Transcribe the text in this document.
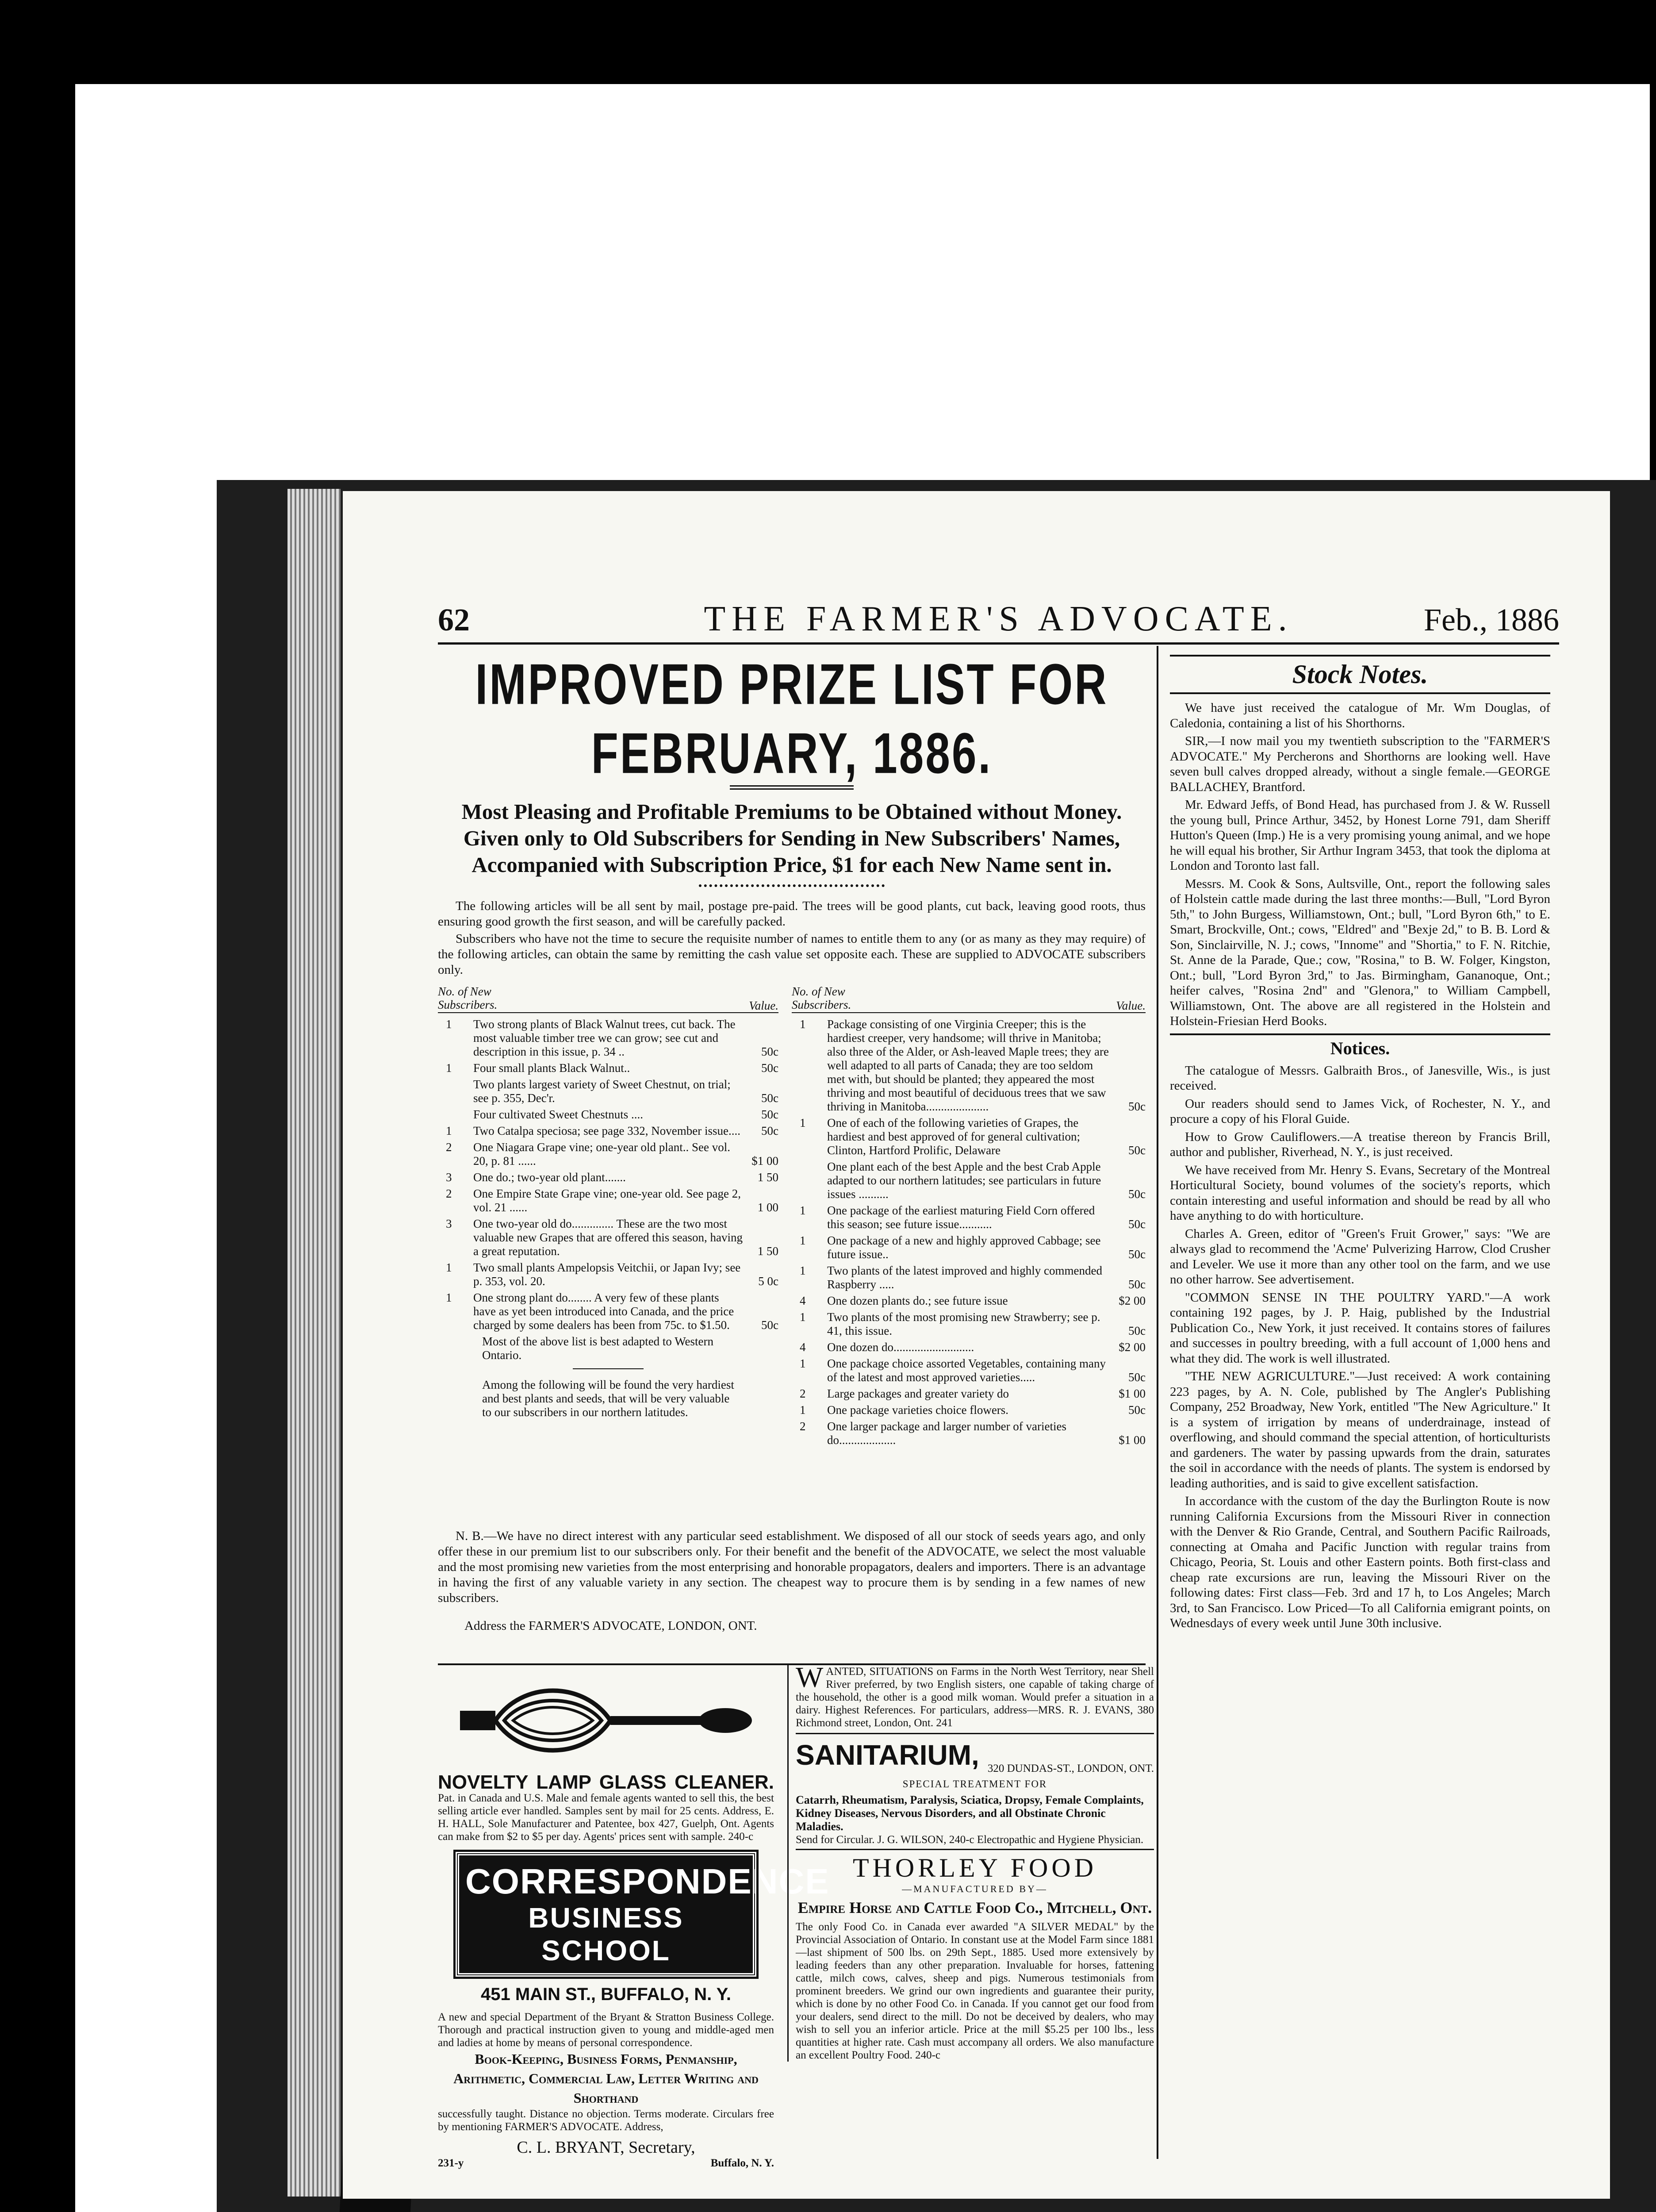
62	THE FARMER'S ADVOCATE.	Feb., 1886
IMPROVED PRIZE LIST FOR FEBRUARY, 1886.
Most Pleasing and Profitable Premiums to be Obtained without Money. Given only to Old Subscribers for Sending in New Subscribers' Names, Accompanied with Subscription Price, $1 for each New Name sent in.

The following articles will be all sent by mail, postage pre-paid. The trees will be good plants, cut back, leaving good roots, thus ensuring good growth the first season, and will be carefully packed.

Subscribers who have not the time to secure the requisite number of names to entitle them to any (or as many as they may require) of the following articles, can obtain the same by remitting the cash value set opposite each. These are supplied to ADVOCATE subscribers only.

No. of New Subscribers.	Value.
1 Two strong plants of Black Walnut trees, cut back. The most valuable timber tree we can grow; see cut and description in this issue, p. 34 ..	50c
1 Four small plants Black Walnut..	50c
Two plants largest variety of Sweet Chestnut, on trial; see p. 355, Dec'r.	50c
Four cultivated Sweet Chestnuts ....	50c
1 Two Catalpa speciosa; see page 332, November issue.... 50c
2 One Niagara Grape vine; one-year old plant.. See vol. 20, p. 81 ......	$1 00
3 One do.; two-year old plant.......	1 50
2 One Empire State Grape vine; one-year old. See page 2, vol. 21 ......	1 00
3 One two-year old do.............. These are the two most valuable new Grapes that are offered this season, having a great reputation.	1 50
1 Two small plants Ampelopsis Veitchii, or Japan Ivy; see p. 353, vol. 20.	5 0c
1 One strong plant do........ A very few of these plants have as yet been introduced into Canada, and the price charged by some dealers has been from 75c. to $1.50.	50c

Most of the above list is best adapted to Western Ontario.

Among the following will be found the very hardiest and best plants and seeds, that will be very valuable to our subscribers in our northern latitudes.

No. of New Subscribers.	Value.
1 Package consisting of one Virginia Creeper; this is the hardiest creeper, very handsome; will thrive in Manitoba; also three of the Alder, or Ash-leaved Maple trees; they are well adapted to all parts of Canada; they are too seldom met with, but should be planted; they appeared the most thriving and most beautiful of deciduous trees that we saw thriving in Manitoba.....................	50c
1 One of each of the following varieties of Grapes, the hardiest and best approved of for general cultivation; Clinton, Hartford Prolific, Delaware	50c
One plant each of the best Apple and the best Crab Apple adapted to our northern latitudes; see particulars in future issues ..........	50c
1 One package of the earliest maturing Field Corn offered this season; see future issue...........	50c
1 One package of a new and highly approved Cabbage; see future issue..	50c
1 Two plants of the latest improved and highly commended Raspberry .....	50c
4 One dozen plants do.; see future issue	$2 00
1 Two plants of the most promising new Strawberry; see p. 41, this issue.	50c
4 One dozen do...........................	$2 00
1 One package choice assorted Vegetables, containing many of the latest and most approved varieties.....	50c
2 Large packages and greater variety do	$1 00
1 One package varieties choice flowers.	50c
2 One larger package and larger number of varieties do...................	$1 00

N. B.—We have no direct interest with any particular seed establishment. We disposed of all our stock of seeds years ago, and only offer these in our premium list to our subscribers only. For their benefit and the benefit of the ADVOCATE, we select the most valuable and the most promising new varieties from the most enterprising and honorable propagators, dealers and importers. There is an advantage in having the first of any valuable variety in any section. The cheapest way to procure them is by sending in a few names of new subscribers.

Address the FARMER'S ADVOCATE, LONDON, ONT.

NOVELTY LAMP GLASS CLEANER. Pat. in Canada and U.S. Male and female agents wanted to sell this, the best selling article ever handled. Samples sent by mail for 25 cents. Address, E. H. HALL, Sole Manufacturer and Patentee, box 427, Guelph, Ont. Agents can make from $2 to $5 per day. Agents' prices sent with sample. 240-c
CORRESPONDENCE
BUSINESS SCHOOL
451 MAIN ST., BUFFALO, N. Y.
A new and special Department of the Bryant & Stratton Business College. Thorough and practical instruction given to young and middle-aged men and ladies at home by means of personal correspondence.
Book-Keeping, Business Forms, Penmanship, Arithmetic, Commercial Law, Letter Writing and Shorthand
successfully taught. Distance no objection. Terms moderate. Circulars free by mentioning FARMER'S ADVOCATE. Address,
C. L. BRYANT, Secretary,
231-y	Buffalo, N. Y.
WANTED, SITUATIONS on Farms in the North West Territory, near Shell River preferred, by two English sisters, one capable of taking charge of the household, the other is a good milk woman. Would prefer a situation in a dairy. Highest References. For particulars, address—MRS. R. J. EVANS, 380 Richmond street, London, Ont. 241
SANITARIUM, 320 DUNDAS-ST., LONDON, ONT.
SPECIAL TREATMENT FOR
Catarrh, Rheumatism, Paralysis, Sciatica, Dropsy, Female Complaints, Kidney Diseases, Nervous Disorders, and all Obstinate Chronic Maladies.
Send for Circular. J. G. WILSON, 240-c Electropathic and Hygiene Physician.
THORLEY FOOD
—MANUFACTURED BY—
Empire Horse and Cattle Food Co., Mitchell, Ont.
The only Food Co. in Canada ever awarded "A SILVER MEDAL" by the Provincial Association of Ontario. In constant use at the Model Farm since 1881—last shipment of 500 lbs. on 29th Sept., 1885. Used more extensively by leading feeders than any other preparation. Invaluable for horses, fattening cattle, milch cows, calves, sheep and pigs. Numerous testimonials from prominent breeders. We grind our own ingredients and guarantee their purity, which is done by no other Food Co. in Canada. If you cannot get our food from your dealers, send direct to the mill. Do not be deceived by dealers, who may wish to sell you an inferior article. Price at the mill $5.25 per 100 lbs., less quantities at higher rate. Cash must accompany all orders. We also manufacture an excellent Poultry Food. 240-c
Stock Notes.

We have just received the catalogue of Mr. Wm Douglas, of Caledonia, containing a list of his Shorthorns.

SIR,—I now mail you my twentieth subscription to the "FARMER'S ADVOCATE." My Percherons and Shorthorns are looking well. Have seven bull calves dropped already, without a single female.—GEORGE BALLACHEY, Brantford.

Mr. Edward Jeffs, of Bond Head, has purchased from J. & W. Russell the young bull, Prince Arthur, 3452, by Honest Lorne 791, dam Sheriff Hutton's Queen (Imp.) He is a very promising young animal, and we hope he will equal his brother, Sir Arthur Ingram 3453, that took the diploma at London and Toronto last fall.

Messrs. M. Cook & Sons, Aultsville, Ont., report the following sales of Holstein cattle made during the last three months:—Bull, "Lord Byron 5th," to John Burgess, Williamstown, Ont.; bull, "Lord Byron 6th," to E. Smart, Brockville, Ont.; cows, "Eldred" and "Bexje 2d," to B. B. Lord & Son, Sinclairville, N. J.; cows, "Innome" and "Shortia," to F. N. Ritchie, St. Anne de la Parade, Que.; cow, "Rosina," to B. W. Folger, Kingston, Ont.; bull, "Lord Byron 3rd," to Jas. Birmingham, Gananoque, Ont.; heifer calves, "Rosina 2nd" and "Glenora," to William Campbell, Williamstown, Ont. The above are all registered in the Holstein and Holstein-Friesian Herd Books.

Notices.

The catalogue of Messrs. Galbraith Bros., of Janesville, Wis., is just received.

Our readers should send to James Vick, of Rochester, N. Y., and procure a copy of his Floral Guide.

How to Grow Cauliflowers.—A treatise thereon by Francis Brill, author and publisher, Riverhead, N. Y., is just received.

We have received from Mr. Henry S. Evans, Secretary of the Montreal Horticultural Society, bound volumes of the society's reports, which contain interesting and useful information and should be read by all who have anything to do with horticulture.

Charles A. Green, editor of "Green's Fruit Grower," says: "We are always glad to recommend the 'Acme' Pulverizing Harrow, Clod Crusher and Leveler. We use it more than any other tool on the farm, and we use no other harrow. See advertisement.

"COMMON SENSE IN THE POULTRY YARD."—A work containing 192 pages, by J. P. Haig, published by the Industrial Publication Co., New York, it just received. It contains stores of failures and successes in poultry breeding, with a full account of 1,000 hens and what they did. The work is well illustrated.

"THE NEW AGRICULTURE."—Just received: A work containing 223 pages, by A. N. Cole, published by The Angler's Publishing Company, 252 Broadway, New York, entitled "The New Agriculture." It is a system of irrigation by means of underdrainage, instead of overflowing, and should command the special attention, of horticulturists and gardeners. The water by passing upwards from the drain, saturates the soil in accordance with the needs of plants. The system is endorsed by leading authorities, and is said to give excellent satisfaction.

In accordance with the custom of the day the Burlington Route is now running California Excursions from the Missouri River in connection with the Denver & Rio Grande, Central, and Southern Pacific Railroads, connecting at Omaha and Pacific Junction with regular trains from Chicago, Peoria, St. Louis and other Eastern points. Both first-class and cheap rate excursions are run, leaving the Missouri River on the following dates: First class—Feb. 3rd and 17 h, to Los Angeles; March 3rd, to San Francisco. Low Priced—To all California emigrant points, on Wednesdays of every week until June 30th inclusive.
